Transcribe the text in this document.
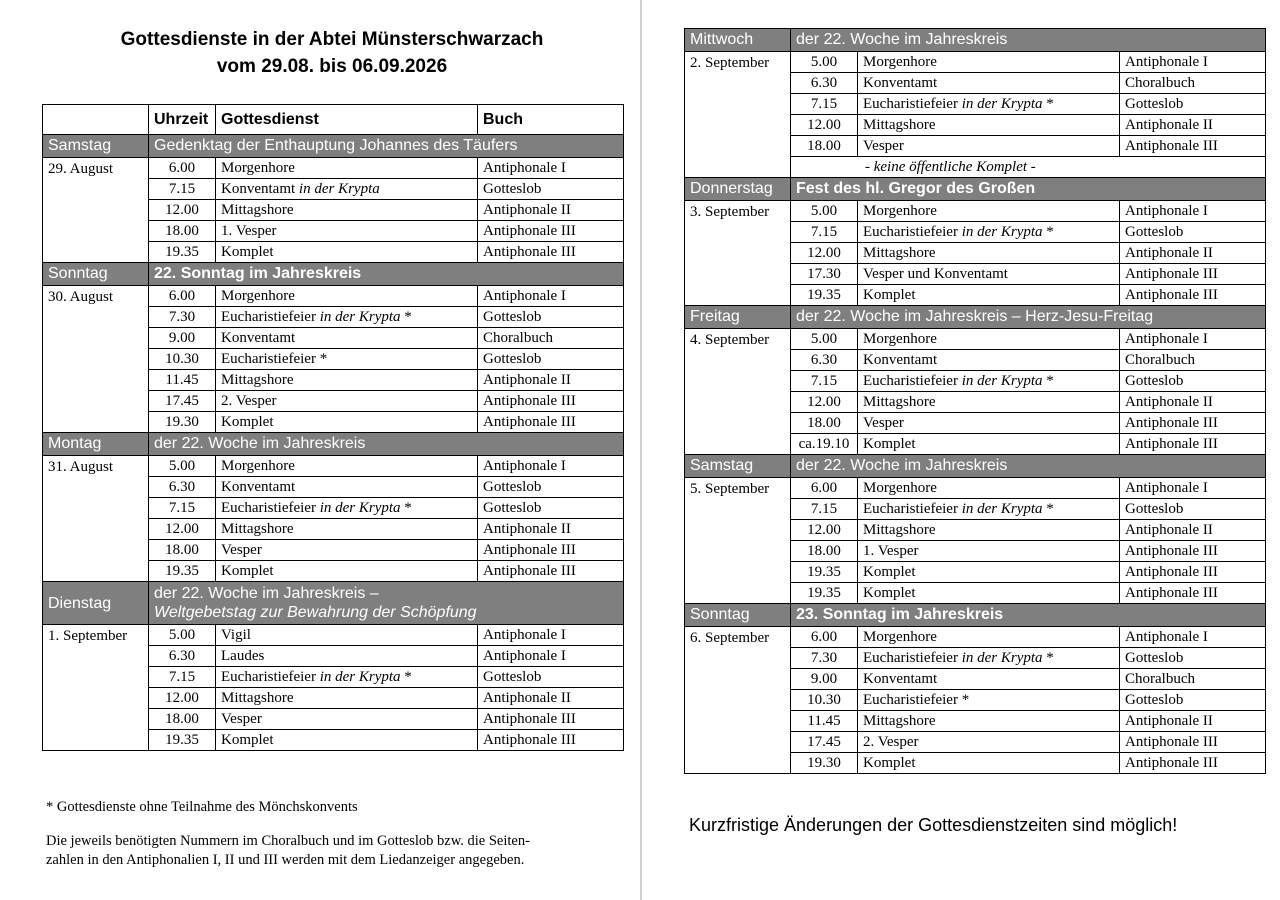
Gottesdienste in der Abtei Münsterschwarzach
vom 29.08. bis 06.09.2026
	Uhrzeit	Gottesdienst	Buch
Samstag	Gedenktag der Enthauptung Johannes des Täufers		

29. August	6.00	Morgenhore	Antiphonale I
	7.15	Konventamt in der Krypta	Gotteslob
	12.00	Mittagshore	Antiphonale II
	18.00	1. Vesper	Antiphonale III
	19.35	Komplet	Antiphonale III
Sonntag	22. Sonntag im Jahreskreis		

30. August	6.00	Morgenhore	Antiphonale I
	7.30	Eucharistiefeier in der Krypta *	Gotteslob
	9.00	Konventamt	Choralbuch
	10.30	Eucharistiefeier *	Gotteslob
	11.45	Mittagshore	Antiphonale II
	17.45	2. Vesper	Antiphonale III
	19.30	Komplet	Antiphonale III
Montag	der 22. Woche im Jahreskreis		

31. August	5.00	Morgenhore	Antiphonale I
	6.30	Konventamt	Gotteslob
	7.15	Eucharistiefeier in der Krypta *	Gotteslob
	12.00	Mittagshore	Antiphonale II
	18.00	Vesper	Antiphonale III
	19.35	Komplet	Antiphonale III
Dienstag	der 22. Woche im Jahreskreis –
Weltgebetstag zur Bewahrung der Schöpfung		

1. September	5.00	Vigil	Antiphonale I
	6.30	Laudes	Antiphonale I
	7.15	Eucharistiefeier in der Krypta *	Gotteslob
	12.00	Mittagshore	Antiphonale II
	18.00	Vesper	Antiphonale III
	19.35	Komplet	Antiphonale III
Mittwoch	der 22. Woche im Jahreskreis		

2. September	5.00	Morgenhore	Antiphonale I
	6.30	Konventamt	Choralbuch
	7.15	Eucharistiefeier in der Krypta *	Gotteslob
	12.00	Mittagshore	Antiphonale II
	18.00	Vesper	Antiphonale III
	- keine öffentliche Komplet -		
Donnerstag	Fest des hl. Gregor des Großen		

3. September	5.00	Morgenhore	Antiphonale I
	7.15	Eucharistiefeier in der Krypta *	Gotteslob
	12.00	Mittagshore	Antiphonale II
	17.30	Vesper und Konventamt	Antiphonale III
	19.35	Komplet	Antiphonale III
Freitag	der 22. Woche im Jahreskreis – Herz-Jesu-Freitag		

4. September	5.00	Morgenhore	Antiphonale I
	6.30	Konventamt	Choralbuch
	7.15	Eucharistiefeier in der Krypta *	Gotteslob
	12.00	Mittagshore	Antiphonale II
	18.00	Vesper	Antiphonale III
	ca.19.10	Komplet	Antiphonale III
Samstag	der 22. Woche im Jahreskreis		

5. September	6.00	Morgenhore	Antiphonale I
	7.15	Eucharistiefeier in der Krypta *	Gotteslob
	12.00	Mittagshore	Antiphonale II
	18.00	1. Vesper	Antiphonale III
	19.35	Komplet	Antiphonale III
	19.35	Komplet	Antiphonale III
Sonntag	23. Sonntag im Jahreskreis		

6. September	6.00	Morgenhore	Antiphonale I
	7.30	Eucharistiefeier in der Krypta *	Gotteslob
	9.00	Konventamt	Choralbuch
	10.30	Eucharistiefeier *	Gotteslob
	11.45	Mittagshore	Antiphonale II
	17.45	2. Vesper	Antiphonale III
	19.30	Komplet	Antiphonale III
* Gottesdienste ohne Teilnahme des Mönchskonvents
Die jeweils benötigten Nummern im Choralbuch und im Gotteslob bzw. die Seiten-
zahlen in den Antiphonalien I, II und III werden mit dem Liedanzeiger angegeben.
Kurzfristige Änderungen der Gottesdienstzeiten sind möglich!
